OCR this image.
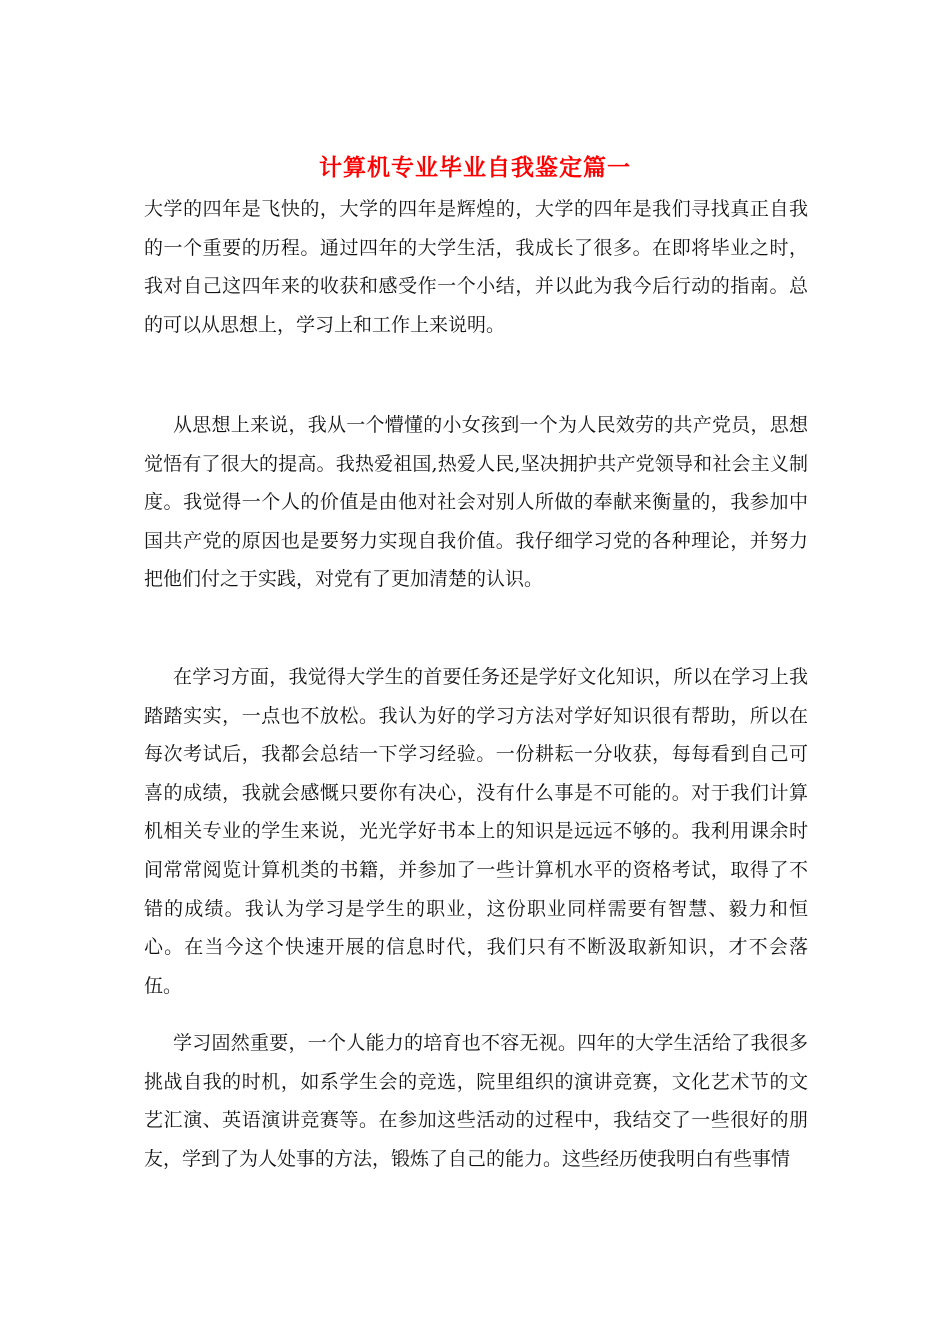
计算机专业毕业自我鉴定篇一

大学的四年是飞快的，大学的四年是辉煌的，大学的四年是我们寻找真正自我的一个重要的历程。通过四年的大学生活，我成长了很多。在即将毕业之时，我对自己这四年来的收获和感受作一个小结，并以此为我今后行动的指南。总的可以从思想上，学习上和工作上来说明。

从思想上来说，我从一个懵懂的小女孩到一个为人民效劳的共产党员，思想觉悟有了很大的提高。我热爱祖国,热爱人民,坚决拥护共产党领导和社会主义制度。我觉得一个人的价值是由他对社会对别人所做的奉献来衡量的，我参加中国共产党的原因也是要努力实现自我价值。我仔细学习党的各种理论，并努力把他们付之于实践，对党有了更加清楚的认识。

在学习方面，我觉得大学生的首要任务还是学好文化知识，所以在学习上我踏踏实实，一点也不放松。我认为好的学习方法对学好知识很有帮助，所以在每次考试后，我都会总结一下学习经验。一份耕耘一分收获，每每看到自己可喜的成绩，我就会感慨只要你有决心，没有什么事是不可能的。对于我们计算机相关专业的学生来说，光光学好书本上的知识是远远不够的。我利用课余时间常常阅览计算机类的书籍，并参加了一些计算机水平的资格考试，取得了不错的成绩。我认为学习是学生的职业，这份职业同样需要有智慧、毅力和恒心。在当今这个快速开展的信息时代，我们只有不断汲取新知识，才不会落伍。

学习固然重要，一个人能力的培育也不容无视。四年的大学生活给了我很多挑战自我的时机，如系学生会的竞选，院里组织的演讲竞赛，文化艺术节的文艺汇演、英语演讲竞赛等。在参加这些活动的过程中，我结交了一些很好的朋友，学到了为人处事的方法，锻炼了自己的能力。这些经历使我明白有些事情
